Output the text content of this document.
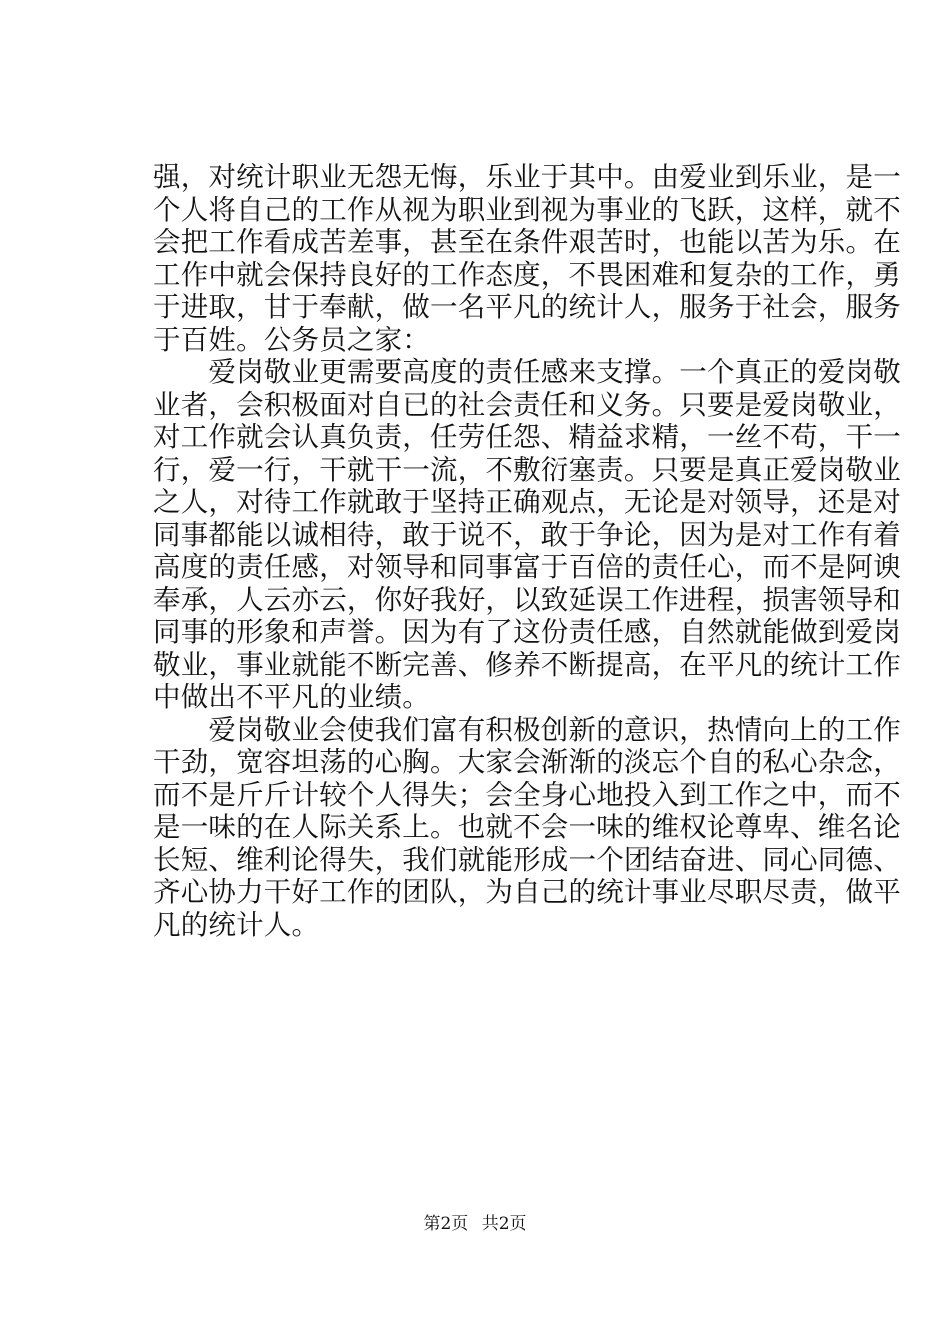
强，对统计职业无怨无悔，乐业于其中。由爱业到乐业，是一
个人将自己的工作从视为职业到视为事业的飞跃，这样，就不
会把工作看成苦差事，甚至在条件艰苦时，也能以苦为乐。在
工作中就会保持良好的工作态度，不畏困难和复杂的工作，勇
于进取，甘于奉献，做一名平凡的统计人，服务于社会，服务
于百姓。公务员之家：
　　爱岗敬业更需要高度的责任感来支撑。一个真正的爱岗敬
业者，会积极面对自已的社会责任和义务。只要是爱岗敬业，
对工作就会认真负责，任劳任怨、精益求精，一丝不苟，干一
行，爱一行，干就干一流，不敷衍塞责。只要是真正爱岗敬业
之人，对待工作就敢于坚持正确观点，无论是对领导，还是对
同事都能以诚相待，敢于说不，敢于争论，因为是对工作有着
高度的责任感，对领导和同事富于百倍的责任心，而不是阿谀
奉承，人云亦云，你好我好，以致延误工作进程，损害领导和
同事的形象和声誉。因为有了这份责任感，自然就能做到爱岗
敬业，事业就能不断完善、修养不断提高，在平凡的统计工作
中做出不平凡的业绩。
　　爱岗敬业会使我们富有积极创新的意识，热情向上的工作
干劲，宽容坦荡的心胸。大家会渐渐的淡忘个自的私心杂念，
而不是斤斤计较个人得失；会全身心地投入到工作之中，而不
是一味的在人际关系上。也就不会一味的维权论尊卑、维名论
长短、维利论得失，我们就能形成一个团结奋进、同心同德、
齐心协力干好工作的团队，为自己的统计事业尽职尽责，做平
凡的统计人。
第2页 共2页
